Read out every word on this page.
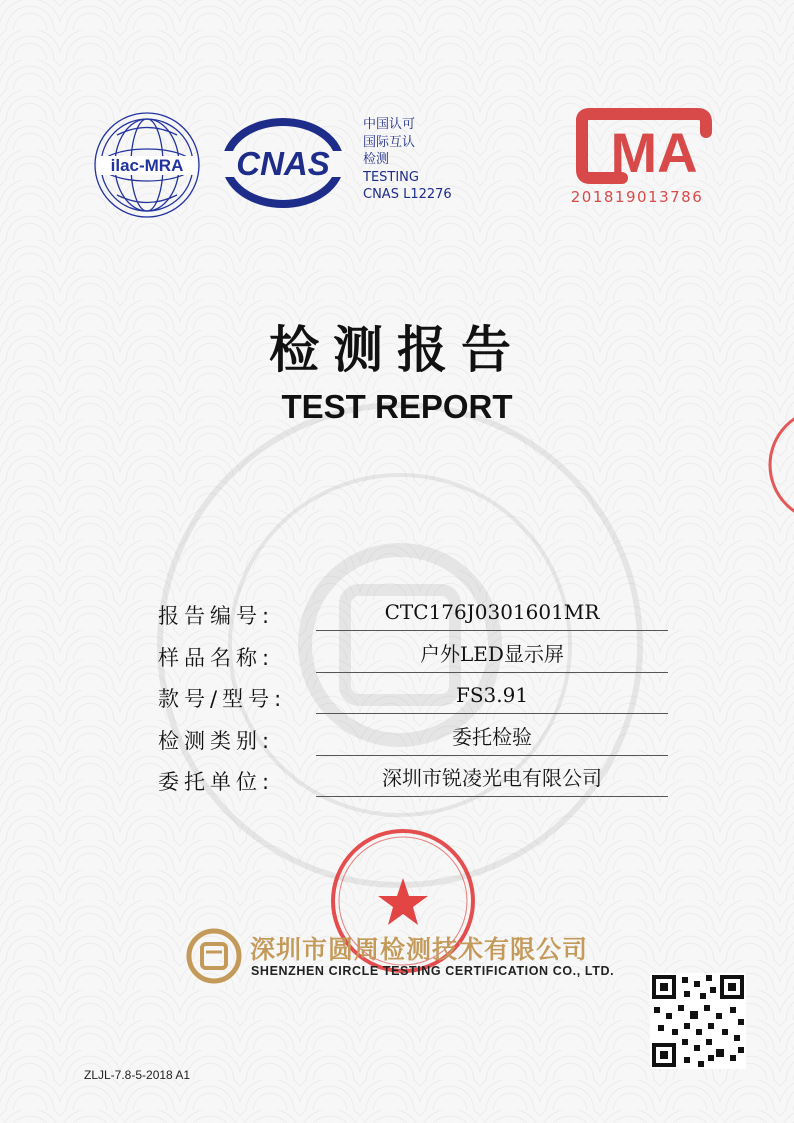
ilac-MRA CNAS
中国认可
国际互认
检测
TESTING
CNAS L12276
MA
201819013786
检测报告
TEST REPORT
报告编号:	CTC176J0301601MR
样品名称:	户外LED显示屏
款号/型号:	FS3.91
检测类别:	委托检验
委托单位:	深圳市锐凌光电有限公司
深圳市圆周检测技术有限公司
SHENZHEN CIRCLE TESTING CERTIFICATION CO., LTD.
ZLJL-7.8-5-2018 A1
